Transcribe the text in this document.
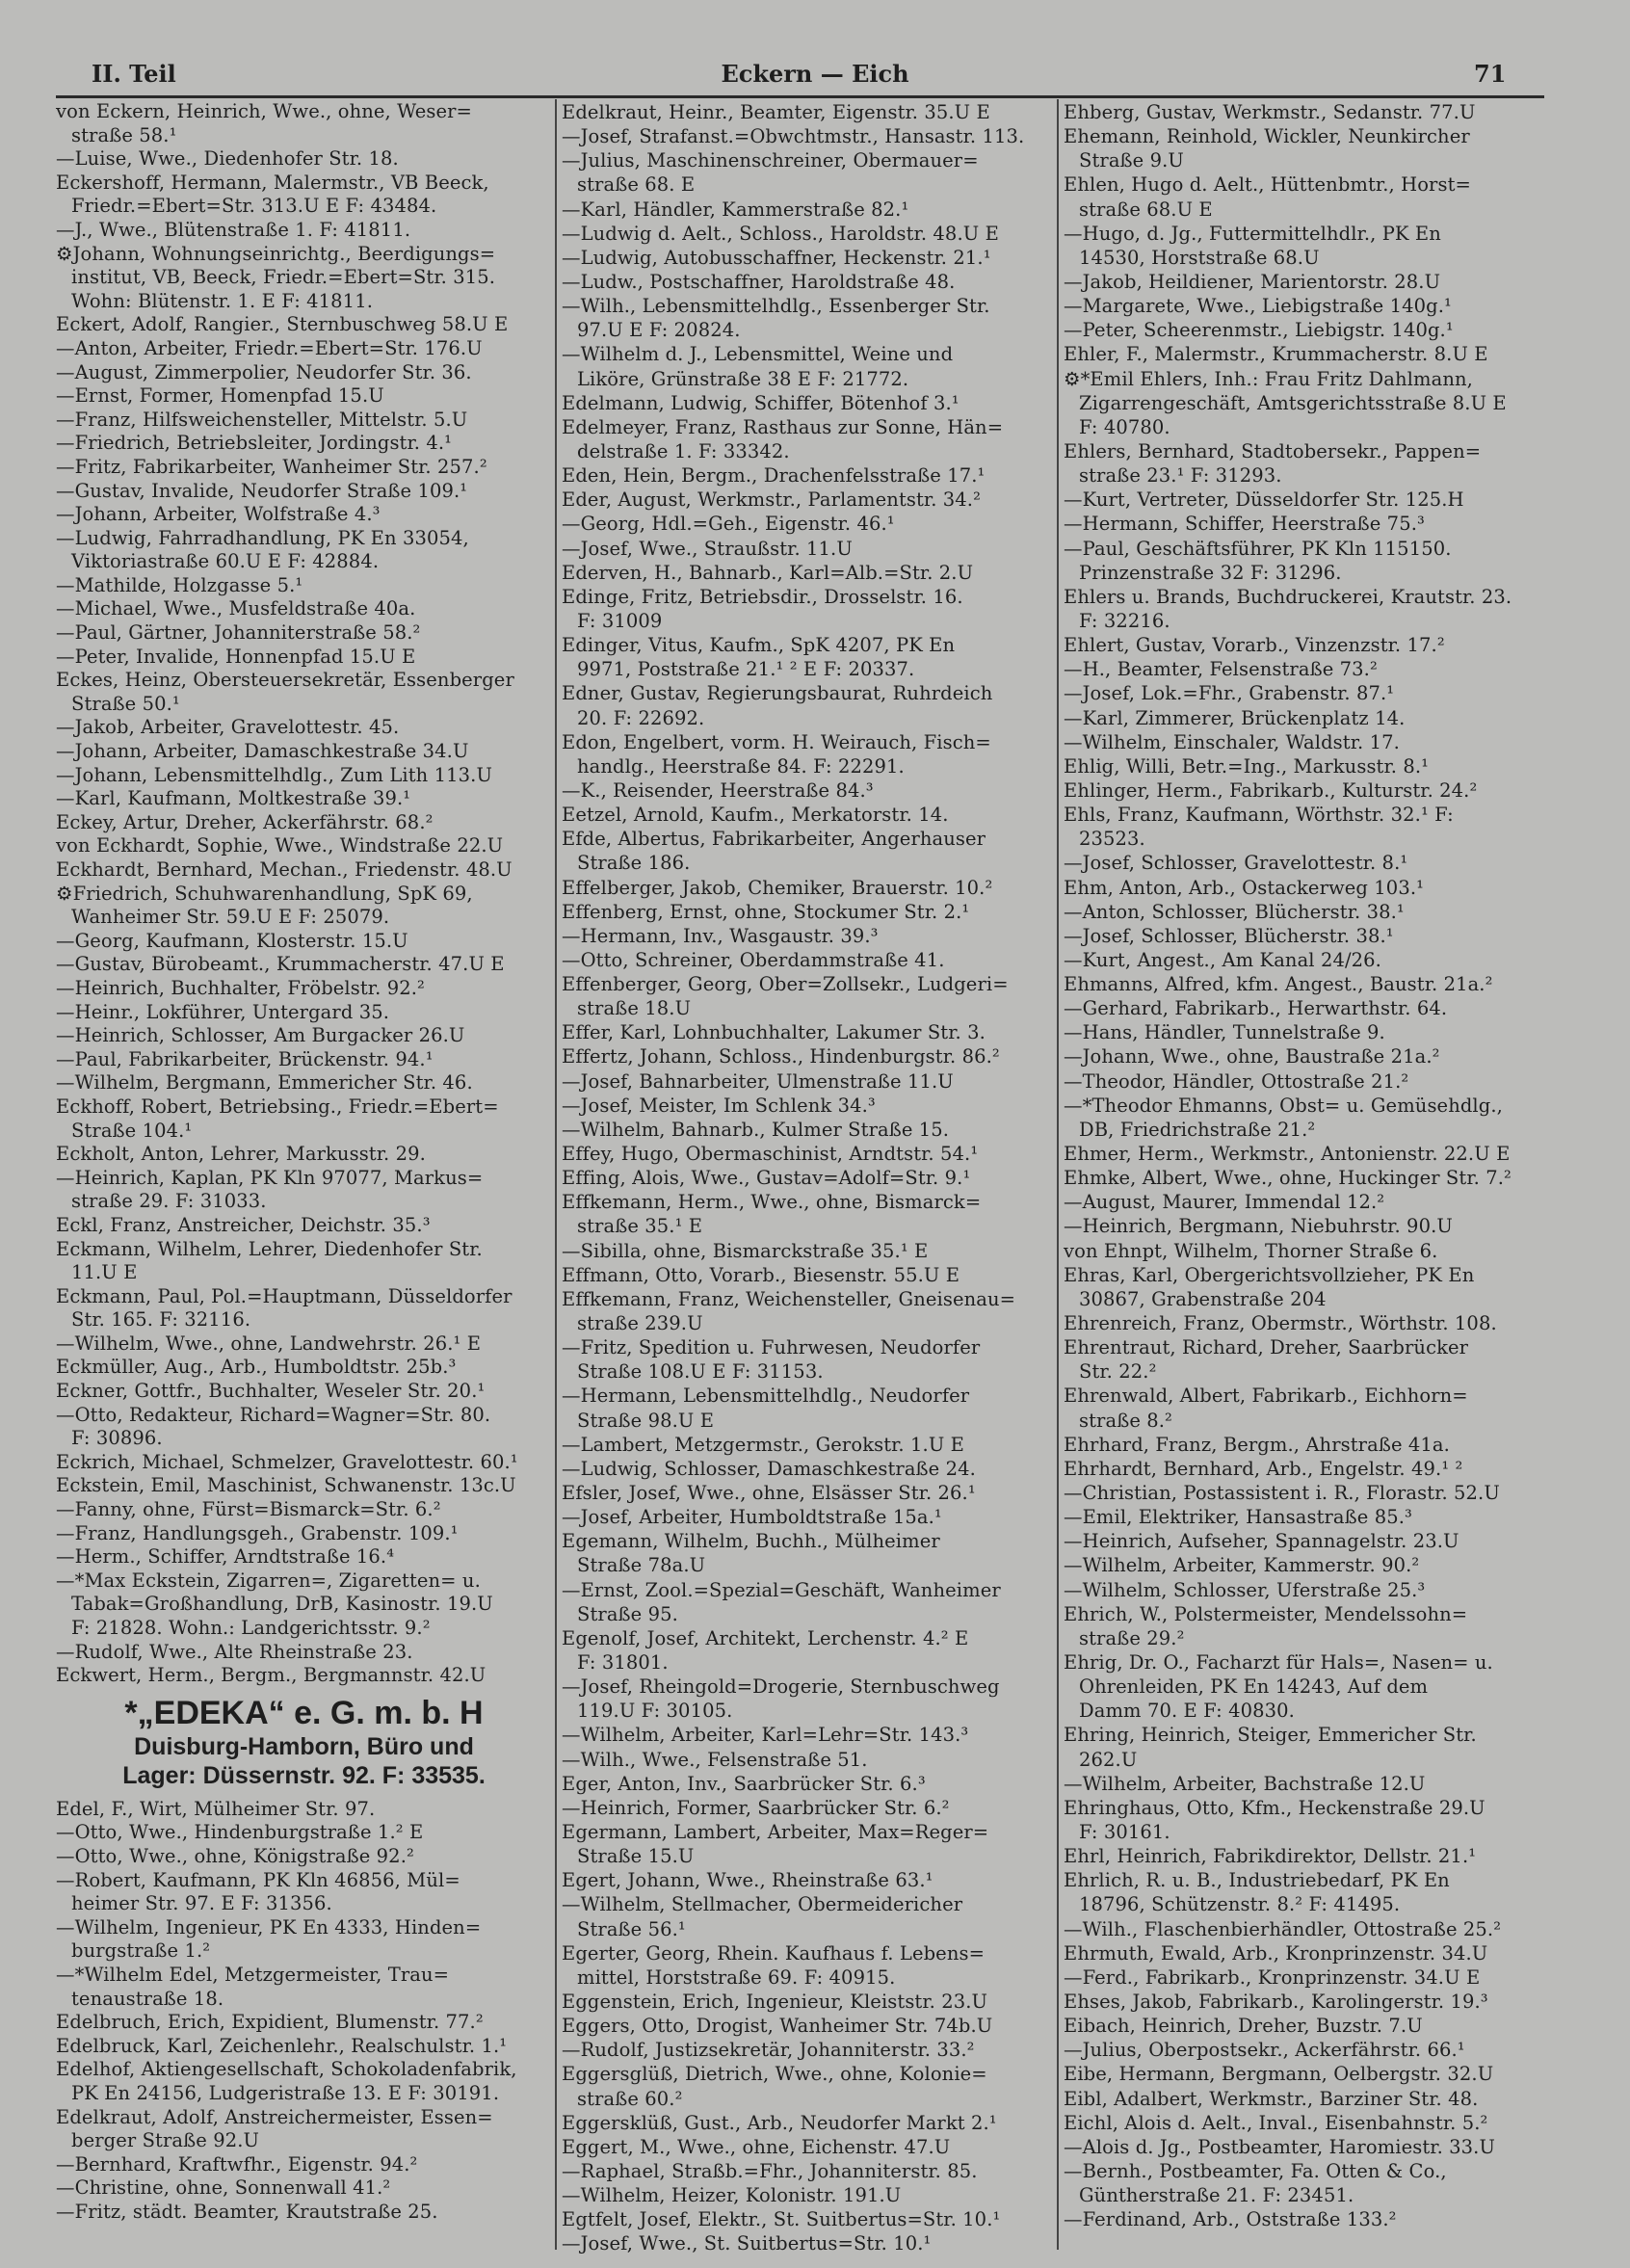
II. Teil	Eckern — Eich	71
von Eckern, Heinrich, Wwe., ohne, Weser=
straße 58.¹
—Luise, Wwe., Diedenhofer Str. 18.
Eckershoff, Hermann, Malermstr., VB Beeck,
Friedr.=Ebert=Str. 313.U E F: 43484.
—J., Wwe., Blütenstraße 1. F: 41811.
⚙Johann, Wohnungseinrichtg., Beerdigungs=
institut, VB, Beeck, Friedr.=Ebert=Str. 315.
Wohn: Blütenstr. 1. E F: 41811.
Eckert, Adolf, Rangier., Sternbuschweg 58.U E
—Anton, Arbeiter, Friedr.=Ebert=Str. 176.U
—August, Zimmerpolier, Neudorfer Str. 36.
—Ernst, Former, Homenpfad 15.U
—Franz, Hilfsweichensteller, Mittelstr. 5.U
—Friedrich, Betriebsleiter, Jordingstr. 4.¹
—Fritz, Fabrikarbeiter, Wanheimer Str. 257.²
—Gustav, Invalide, Neudorfer Straße 109.¹
—Johann, Arbeiter, Wolfstraße 4.³
—Ludwig, Fahrradhandlung, PK En 33054,
Viktoriastraße 60.U E F: 42884.
—Mathilde, Holzgasse 5.¹
—Michael, Wwe., Musfeldstraße 40a.
—Paul, Gärtner, Johanniterstraße 58.²
—Peter, Invalide, Honnenpfad 15.U E
Eckes, Heinz, Obersteuersekretär, Essenberger
Straße 50.¹
—Jakob, Arbeiter, Gravelottestr. 45.
—Johann, Arbeiter, Damaschkestraße 34.U
—Johann, Lebensmittelhdlg., Zum Lith 113.U
—Karl, Kaufmann, Moltkestraße 39.¹
Eckey, Artur, Dreher, Ackerfährstr. 68.²
von Eckhardt, Sophie, Wwe., Windstraße 22.U
Eckhardt, Bernhard, Mechan., Friedenstr. 48.U
⚙Friedrich, Schuhwarenhandlung, SpK 69,
Wanheimer Str. 59.U E F: 25079.
—Georg, Kaufmann, Klosterstr. 15.U
—Gustav, Bürobeamt., Krummacherstr. 47.U E
—Heinrich, Buchhalter, Fröbelstr. 92.²
—Heinr., Lokführer, Untergard 35.
—Heinrich, Schlosser, Am Burgacker 26.U
—Paul, Fabrikarbeiter, Brückenstr. 94.¹
—Wilhelm, Bergmann, Emmericher Str. 46.
Eckhoff, Robert, Betriebsing., Friedr.=Ebert=
Straße 104.¹
Eckholt, Anton, Lehrer, Markusstr. 29.
—Heinrich, Kaplan, PK Kln 97077, Markus=
straße 29. F: 31033.
Eckl, Franz, Anstreicher, Deichstr. 35.³
Eckmann, Wilhelm, Lehrer, Diedenhofer Str.
11.U E
Eckmann, Paul, Pol.=Hauptmann, Düsseldorfer
Str. 165. F: 32116.
—Wilhelm, Wwe., ohne, Landwehrstr. 26.¹ E
Eckmüller, Aug., Arb., Humboldtstr. 25b.³
Eckner, Gottfr., Buchhalter, Weseler Str. 20.¹
—Otto, Redakteur, Richard=Wagner=Str. 80.
F: 30896.
Eckrich, Michael, Schmelzer, Gravelottestr. 60.¹
Eckstein, Emil, Maschinist, Schwanenstr. 13c.U
—Fanny, ohne, Fürst=Bismarck=Str. 6.²
—Franz, Handlungsgeh., Grabenstr. 109.¹
—Herm., Schiffer, Arndtstraße 16.⁴
—*Max Eckstein, Zigarren=, Zigaretten= u.
Tabak=Großhandlung, DrB, Kasinostr. 19.U
F: 21828. Wohn.: Landgerichtsstr. 9.²
—Rudolf, Wwe., Alte Rheinstraße 23.
Eckwert, Herm., Bergm., Bergmannstr. 42.U
*„EDEKA“ e. G. m. b. H
Duisburg-Hamborn, Büro und
Lager: Düssernstr. 92. F: 33535.
Edel, F., Wirt, Mülheimer Str. 97.
—Otto, Wwe., Hindenburgstraße 1.² E
—Otto, Wwe., ohne, Königstraße 92.²
—Robert, Kaufmann, PK Kln 46856, Mül=
heimer Str. 97. E F: 31356.
—Wilhelm, Ingenieur, PK En 4333, Hinden=
burgstraße 1.²
—*Wilhelm Edel, Metzgermeister, Trau=
tenaustraße 18.
Edelbruch, Erich, Expidient, Blumenstr. 77.²
Edelbruck, Karl, Zeichenlehr., Realschulstr. 1.¹
Edelhof, Aktiengesellschaft, Schokoladenfabrik,
PK En 24156, Ludgeristraße 13. E F: 30191.
Edelkraut, Adolf, Anstreichermeister, Essen=
berger Straße 92.U
—Bernhard, Kraftwfhr., Eigenstr. 94.²
—Christine, ohne, Sonnenwall 41.²
—Fritz, städt. Beamter, Krautstraße 25.
Edelkraut, Heinr., Beamter, Eigenstr. 35.U E
—Josef, Strafanst.=Obwchtmstr., Hansastr. 113.
—Julius, Maschinenschreiner, Obermauer=
straße 68. E
—Karl, Händler, Kammerstraße 82.¹
—Ludwig d. Aelt., Schloss., Haroldstr. 48.U E
—Ludwig, Autobusschaffner, Heckenstr. 21.¹
—Ludw., Postschaffner, Haroldstraße 48.
—Wilh., Lebensmittelhdlg., Essenberger Str.
97.U E F: 20824.
—Wilhelm d. J., Lebensmittel, Weine und
Liköre, Grünstraße 38 E F: 21772.
Edelmann, Ludwig, Schiffer, Bötenhof 3.¹
Edelmeyer, Franz, Rasthaus zur Sonne, Hän=
delstraße 1. F: 33342.
Eden, Hein, Bergm., Drachenfelsstraße 17.¹
Eder, August, Werkmstr., Parlamentstr. 34.²
—Georg, Hdl.=Geh., Eigenstr. 46.¹
—Josef, Wwe., Straußstr. 11.U
Ederven, H., Bahnarb., Karl=Alb.=Str. 2.U
Edinge, Fritz, Betriebsdir., Drosselstr. 16.
F: 31009
Edinger, Vitus, Kaufm., SpK 4207, PK En
9971, Poststraße 21.¹ ² E F: 20337.
Edner, Gustav, Regierungsbaurat, Ruhrdeich
20. F: 22692.
Edon, Engelbert, vorm. H. Weirauch, Fisch=
handlg., Heerstraße 84. F: 22291.
—K., Reisender, Heerstraße 84.³
Eetzel, Arnold, Kaufm., Merkatorstr. 14.
Efde, Albertus, Fabrikarbeiter, Angerhauser
Straße 186.
Effelberger, Jakob, Chemiker, Brauerstr. 10.²
Effenberg, Ernst, ohne, Stockumer Str. 2.¹
—Hermann, Inv., Wasgaustr. 39.³
—Otto, Schreiner, Oberdammstraße 41.
Effenberger, Georg, Ober=Zollsekr., Ludgeri=
straße 18.U
Effer, Karl, Lohnbuchhalter, Lakumer Str. 3.
Effertz, Johann, Schloss., Hindenburgstr. 86.²
—Josef, Bahnarbeiter, Ulmenstraße 11.U
—Josef, Meister, Im Schlenk 34.³
—Wilhelm, Bahnarb., Kulmer Straße 15.
Effey, Hugo, Obermaschinist, Arndtstr. 54.¹
Effing, Alois, Wwe., Gustav=Adolf=Str. 9.¹
Effkemann, Herm., Wwe., ohne, Bismarck=
straße 35.¹ E
—Sibilla, ohne, Bismarckstraße 35.¹ E
Effmann, Otto, Vorarb., Biesenstr. 55.U E
Effkemann, Franz, Weichensteller, Gneisenau=
straße 239.U
—Fritz, Spedition u. Fuhrwesen, Neudorfer
Straße 108.U E F: 31153.
—Hermann, Lebensmittelhdlg., Neudorfer
Straße 98.U E
—Lambert, Metzgermstr., Gerokstr. 1.U E
—Ludwig, Schlosser, Damaschkestraße 24.
Efsler, Josef, Wwe., ohne, Elsässer Str. 26.¹
—Josef, Arbeiter, Humboldtstraße 15a.¹
Egemann, Wilhelm, Buchh., Mülheimer
Straße 78a.U
—Ernst, Zool.=Spezial=Geschäft, Wanheimer
Straße 95.
Egenolf, Josef, Architekt, Lerchenstr. 4.² E
F: 31801.
—Josef, Rheingold=Drogerie, Sternbuschweg
119.U F: 30105.
—Wilhelm, Arbeiter, Karl=Lehr=Str. 143.³
—Wilh., Wwe., Felsenstraße 51.
Eger, Anton, Inv., Saarbrücker Str. 6.³
—Heinrich, Former, Saarbrücker Str. 6.²
Egermann, Lambert, Arbeiter, Max=Reger=
Straße 15.U
Egert, Johann, Wwe., Rheinstraße 63.¹
—Wilhelm, Stellmacher, Obermeidericher
Straße 56.¹
Egerter, Georg, Rhein. Kaufhaus f. Lebens=
mittel, Horststraße 69. F: 40915.
Eggenstein, Erich, Ingenieur, Kleiststr. 23.U
Eggers, Otto, Drogist, Wanheimer Str. 74b.U
—Rudolf, Justizsekretär, Johanniterstr. 33.²
Eggersglüß, Dietrich, Wwe., ohne, Kolonie=
straße 60.²
Eggersklüß, Gust., Arb., Neudorfer Markt 2.¹
Eggert, M., Wwe., ohne, Eichenstr. 47.U
—Raphael, Straßb.=Fhr., Johanniterstr. 85.
—Wilhelm, Heizer, Kolonistr. 191.U
Egtfelt, Josef, Elektr., St. Suitbertus=Str. 10.¹
—Josef, Wwe., St. Suitbertus=Str. 10.¹
Ehberg, Gustav, Werkmstr., Sedanstr. 77.U
Ehemann, Reinhold, Wickler, Neunkircher
Straße 9.U
Ehlen, Hugo d. Aelt., Hüttenbmtr., Horst=
straße 68.U E
—Hugo, d. Jg., Futtermittelhdlr., PK En
14530, Horststraße 68.U
—Jakob, Heildiener, Marientorstr. 28.U
—Margarete, Wwe., Liebigstraße 140g.¹
—Peter, Scheerenmstr., Liebigstr. 140g.¹
Ehler, F., Malermstr., Krummacherstr. 8.U E
⚙*Emil Ehlers, Inh.: Frau Fritz Dahlmann,
Zigarrengeschäft, Amtsgerichtsstraße 8.U E
F: 40780.
Ehlers, Bernhard, Stadtobersekr., Pappen=
straße 23.¹ F: 31293.
—Kurt, Vertreter, Düsseldorfer Str. 125.H
—Hermann, Schiffer, Heerstraße 75.³
—Paul, Geschäftsführer, PK Kln 115150.
Prinzenstraße 32 F: 31296.
Ehlers u. Brands, Buchdruckerei, Krautstr. 23.
F: 32216.
Ehlert, Gustav, Vorarb., Vinzenzstr. 17.²
—H., Beamter, Felsenstraße 73.²
—Josef, Lok.=Fhr., Grabenstr. 87.¹
—Karl, Zimmerer, Brückenplatz 14.
—Wilhelm, Einschaler, Waldstr. 17.
Ehlig, Willi, Betr.=Ing., Markusstr. 8.¹
Ehlinger, Herm., Fabrikarb., Kulturstr. 24.²
Ehls, Franz, Kaufmann, Wörthstr. 32.¹ F:
23523.
—Josef, Schlosser, Gravelottestr. 8.¹
Ehm, Anton, Arb., Ostackerweg 103.¹
—Anton, Schlosser, Blücherstr. 38.¹
—Josef, Schlosser, Blücherstr. 38.¹
—Kurt, Angest., Am Kanal 24/26.
Ehmanns, Alfred, kfm. Angest., Baustr. 21a.²
—Gerhard, Fabrikarb., Herwarthstr. 64.
—Hans, Händler, Tunnelstraße 9.
—Johann, Wwe., ohne, Baustraße 21a.²
—Theodor, Händler, Ottostraße 21.²
—*Theodor Ehmanns, Obst= u. Gemüsehdlg.,
DB, Friedrichstraße 21.²
Ehmer, Herm., Werkmstr., Antonienstr. 22.U E
Ehmke, Albert, Wwe., ohne, Huckinger Str. 7.²
—August, Maurer, Immendal 12.²
—Heinrich, Bergmann, Niebuhrstr. 90.U
von Ehnpt, Wilhelm, Thorner Straße 6.
Ehras, Karl, Obergerichtsvollzieher, PK En
30867, Grabenstraße 204
Ehrenreich, Franz, Obermstr., Wörthstr. 108.
Ehrentraut, Richard, Dreher, Saarbrücker
Str. 22.²
Ehrenwald, Albert, Fabrikarb., Eichhorn=
straße 8.²
Ehrhard, Franz, Bergm., Ahrstraße 41a.
Ehrhardt, Bernhard, Arb., Engelstr. 49.¹ ²
—Christian, Postassistent i. R., Florastr. 52.U
—Emil, Elektriker, Hansastraße 85.³
—Heinrich, Aufseher, Spannagelstr. 23.U
—Wilhelm, Arbeiter, Kammerstr. 90.²
—Wilhelm, Schlosser, Uferstraße 25.³
Ehrich, W., Polstermeister, Mendelssohn=
straße 29.²
Ehrig, Dr. O., Facharzt für Hals=, Nasen= u.
Ohrenleiden, PK En 14243, Auf dem
Damm 70. E F: 40830.
Ehring, Heinrich, Steiger, Emmericher Str.
262.U
—Wilhelm, Arbeiter, Bachstraße 12.U
Ehringhaus, Otto, Kfm., Heckenstraße 29.U
F: 30161.
Ehrl, Heinrich, Fabrikdirektor, Dellstr. 21.¹
Ehrlich, R. u. B., Industriebedarf, PK En
18796, Schützenstr. 8.² F: 41495.
—Wilh., Flaschenbierhändler, Ottostraße 25.²
Ehrmuth, Ewald, Arb., Kronprinzenstr. 34.U
—Ferd., Fabrikarb., Kronprinzenstr. 34.U E
Ehses, Jakob, Fabrikarb., Karolingerstr. 19.³
Eibach, Heinrich, Dreher, Buzstr. 7.U
—Julius, Oberpostsekr., Ackerfährstr. 66.¹
Eibe, Hermann, Bergmann, Oelbergstr. 32.U
Eibl, Adalbert, Werkmstr., Barziner Str. 48.
Eichl, Alois d. Aelt., Inval., Eisenbahnstr. 5.²
—Alois d. Jg., Postbeamter, Haromiestr. 33.U
—Bernh., Postbeamter, Fa. Otten & Co.,
Güntherstraße 21. F: 23451.
—Ferdinand, Arb., Oststraße 133.²
